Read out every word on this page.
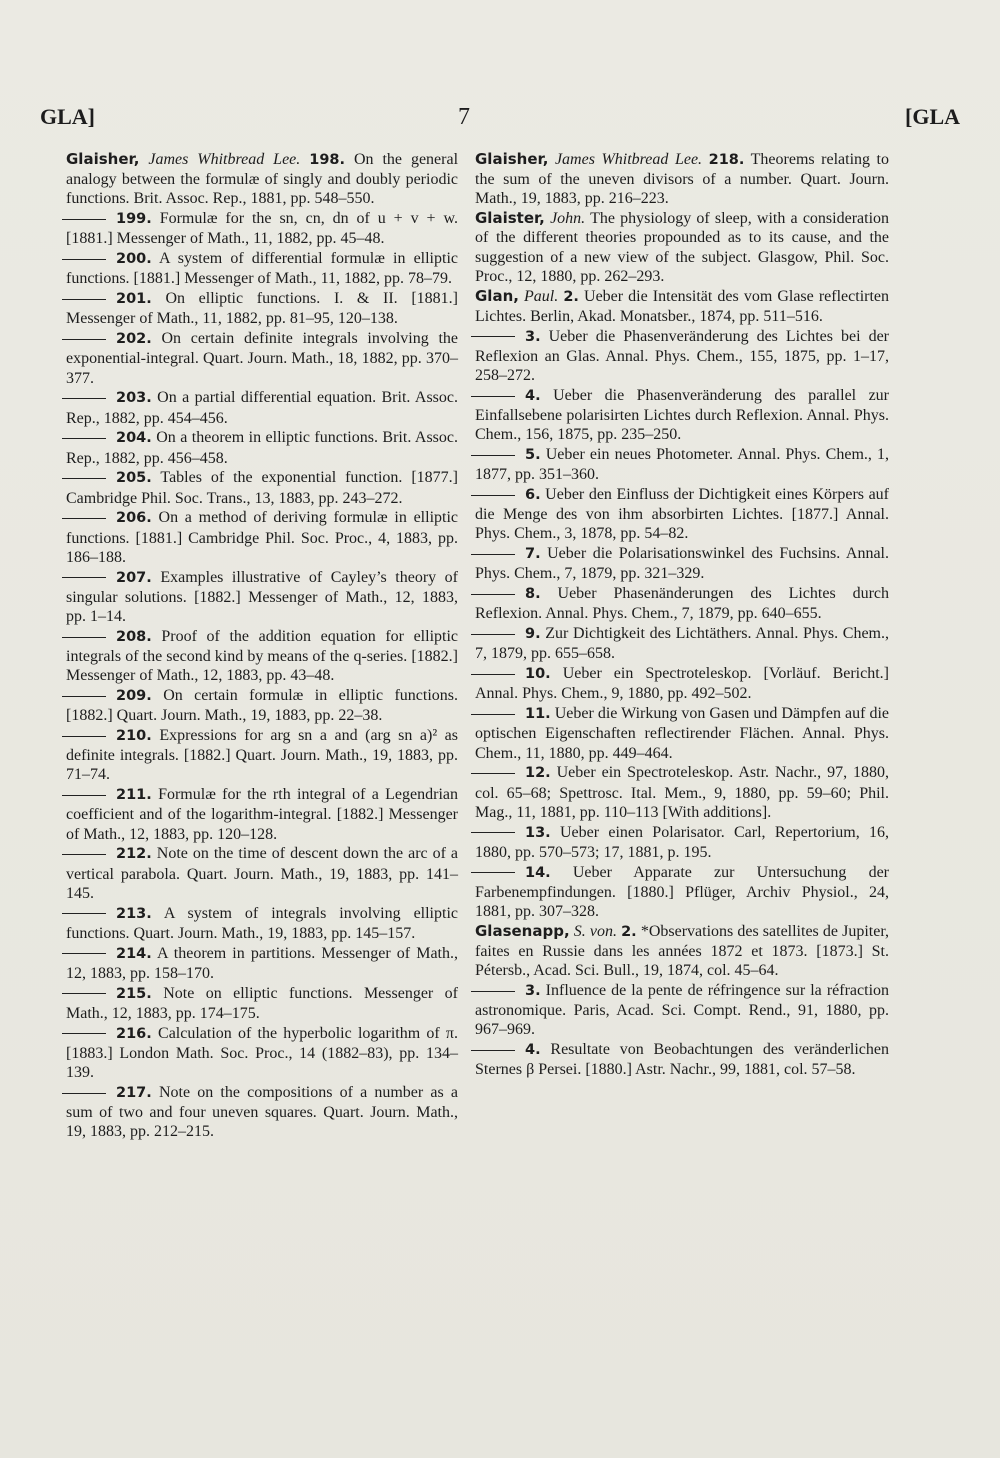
GLA]	7	[GLA

Glaisher, James Whitbread Lee. 198. On the general analogy between the formulæ of singly and doubly periodic functions. Brit. Assoc. Rep., 1881, pp. 548–550.

199. Formulæ for the sn, cn, dn of u + v + w. [1881.] Messenger of Math., 11, 1882, pp. 45–48.

200. A system of differential formulæ in elliptic functions. [1881.] Messenger of Math., 11, 1882, pp. 78–79.

201. On elliptic functions. I. & II. [1881.] Messenger of Math., 11, 1882, pp. 81–95, 120–138.

202. On certain definite integrals involving the exponential-integral. Quart. Journ. Math., 18, 1882, pp. 370–377.

203. On a partial differential equation. Brit. Assoc. Rep., 1882, pp. 454–456.

204. On a theorem in elliptic functions. Brit. Assoc. Rep., 1882, pp. 456–458.

205. Tables of the exponential function. [1877.] Cambridge Phil. Soc. Trans., 13, 1883, pp. 243–272.

206. On a method of deriving formulæ in elliptic functions. [1881.] Cambridge Phil. Soc. Proc., 4, 1883, pp. 186–188.

207. Examples illustrative of Cayley’s theory of singular solutions. [1882.] Messenger of Math., 12, 1883, pp. 1–14.

208. Proof of the addition equation for elliptic integrals of the second kind by means of the q-series. [1882.] Messenger of Math., 12, 1883, pp. 43–48.

209. On certain formulæ in elliptic functions. [1882.] Quart. Journ. Math., 19, 1883, pp. 22–38.

210. Expressions for arg sn a and (arg sn a)² as definite integrals. [1882.] Quart. Journ. Math., 19, 1883, pp. 71–74.

211. Formulæ for the rth integral of a Legendrian coefficient and of the logarithm-integral. [1882.] Messenger of Math., 12, 1883, pp. 120–128.

212. Note on the time of descent down the arc of a vertical parabola. Quart. Journ. Math., 19, 1883, pp. 141–145.

213. A system of integrals involving elliptic functions. Quart. Journ. Math., 19, 1883, pp. 145–157.

214. A theorem in partitions. Messenger of Math., 12, 1883, pp. 158–170.

215. Note on elliptic functions. Messenger of Math., 12, 1883, pp. 174–175.

216. Calculation of the hyperbolic logarithm of π. [1883.] London Math. Soc. Proc., 14 (1882–83), pp. 134–139.

217. Note on the compositions of a number as a sum of two and four uneven squares. Quart. Journ. Math., 19, 1883, pp. 212–215.

Glaisher, James Whitbread Lee. 218. Theorems relating to the sum of the uneven divisors of a number. Quart. Journ. Math., 19, 1883, pp. 216–223.

Glaister, John. The physiology of sleep, with a consideration of the different theories propounded as to its cause, and the suggestion of a new view of the subject. Glasgow, Phil. Soc. Proc., 12, 1880, pp. 262–293.

Glan, Paul. 2. Ueber die Intensität des vom Glase reflectirten Lichtes. Berlin, Akad. Monatsber., 1874, pp. 511–516.

3. Ueber die Phasenveränderung des Lichtes bei der Reflexion an Glas. Annal. Phys. Chem., 155, 1875, pp. 1–17, 258–272.

4. Ueber die Phasenveränderung des parallel zur Einfallsebene polarisirten Lichtes durch Reflexion. Annal. Phys. Chem., 156, 1875, pp. 235–250.

5. Ueber ein neues Photometer. Annal. Phys. Chem., 1, 1877, pp. 351–360.

6. Ueber den Einfluss der Dichtigkeit eines Körpers auf die Menge des von ihm absorbirten Lichtes. [1877.] Annal. Phys. Chem., 3, 1878, pp. 54–82.

7. Ueber die Polarisationswinkel des Fuchsins. Annal. Phys. Chem., 7, 1879, pp. 321–329.

8. Ueber Phasenänderungen des Lichtes durch Reflexion. Annal. Phys. Chem., 7, 1879, pp. 640–655.

9. Zur Dichtigkeit des Lichtäthers. Annal. Phys. Chem., 7, 1879, pp. 655–658.

10. Ueber ein Spectroteleskop. [Vorläuf. Bericht.] Annal. Phys. Chem., 9, 1880, pp. 492–502.

11. Ueber die Wirkung von Gasen und Dämpfen auf die optischen Eigenschaften reflectirender Flächen. Annal. Phys. Chem., 11, 1880, pp. 449–464.

12. Ueber ein Spectroteleskop. Astr. Nachr., 97, 1880, col. 65–68; Spettrosc. Ital. Mem., 9, 1880, pp. 59–60; Phil. Mag., 11, 1881, pp. 110–113 [With additions].

13. Ueber einen Polarisator. Carl, Repertorium, 16, 1880, pp. 570–573; 17, 1881, p. 195.

14. Ueber Apparate zur Untersuchung der Farbenempfindungen. [1880.] Pflüger, Archiv Physiol., 24, 1881, pp. 307–328.

Glasenapp, S. von. 2. *Observations des satellites de Jupiter, faites en Russie dans les années 1872 et 1873. [1873.] St. Pétersb., Acad. Sci. Bull., 19, 1874, col. 45–64.

3. Influence de la pente de réfringence sur la réfraction astronomique. Paris, Acad. Sci. Compt. Rend., 91, 1880, pp. 967–969.

4. Resultate von Beobachtungen des veränderlichen Sternes β Persei. [1880.] Astr. Nachr., 99, 1881, col. 57–58.
